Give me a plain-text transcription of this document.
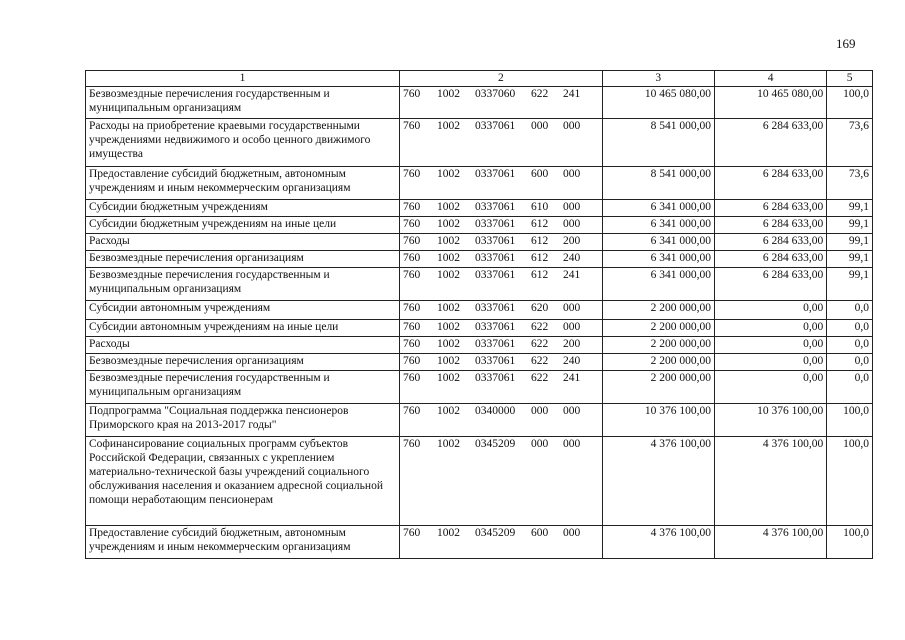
169
1	2	3	4	5
Безвозмездные перечисления государственным и муниципальным организациям	760 1002 0337060 622 241	10 465 080,00	10 465 080,00	100,0
Расходы на приобретение краевыми государственными учреждениями недвижимого и особо ценного движимого имущества	760 1002 0337061 000 000	8 541 000,00	6 284 633,00	73,6
Предоставление субсидий бюджетным, автономным учреждениям и иным некоммерческим организациям	760 1002 0337061 600 000	8 541 000,00	6 284 633,00	73,6
Субсидии бюджетным учреждениям	760 1002 0337061 610 000	6 341 000,00	6 284 633,00	99,1
Субсидии бюджетным учреждениям на иные цели	760 1002 0337061 612 000	6 341 000,00	6 284 633,00	99,1
Расходы	760 1002 0337061 612 200	6 341 000,00	6 284 633,00	99,1
Безвозмездные перечисления организациям	760 1002 0337061 612 240	6 341 000,00	6 284 633,00	99,1
Безвозмездные перечисления государственным и муниципальным организациям	760 1002 0337061 612 241	6 341 000,00	6 284 633,00	99,1
Субсидии автономным учреждениям	760 1002 0337061 620 000	2 200 000,00	0,00	0,0
Субсидии автономным учреждениям на иные цели	760 1002 0337061 622 000	2 200 000,00	0,00	0,0
Расходы	760 1002 0337061 622 200	2 200 000,00	0,00	0,0
Безвозмездные перечисления организациям	760 1002 0337061 622 240	2 200 000,00	0,00	0,0
Безвозмездные перечисления государственным и муниципальным организациям	760 1002 0337061 622 241	2 200 000,00	0,00	0,0
Подпрограмма "Социальная поддержка пенсионеров Приморского края на 2013-2017 годы"	760 1002 0340000 000 000	10 376 100,00	10 376 100,00	100,0
Софинансирование социальных программ субъектов Российской Федерации, связанных с укреплением материально-технической базы учреждений социального обслуживания населения и оказанием адресной социальной помощи неработающим пенсионерам	760 1002 0345209 000 000	4 376 100,00	4 376 100,00	100,0
Предоставление субсидий бюджетным, автономным учреждениям и иным некоммерческим организациям	760 1002 0345209 600 000	4 376 100,00	4 376 100,00	100,0
